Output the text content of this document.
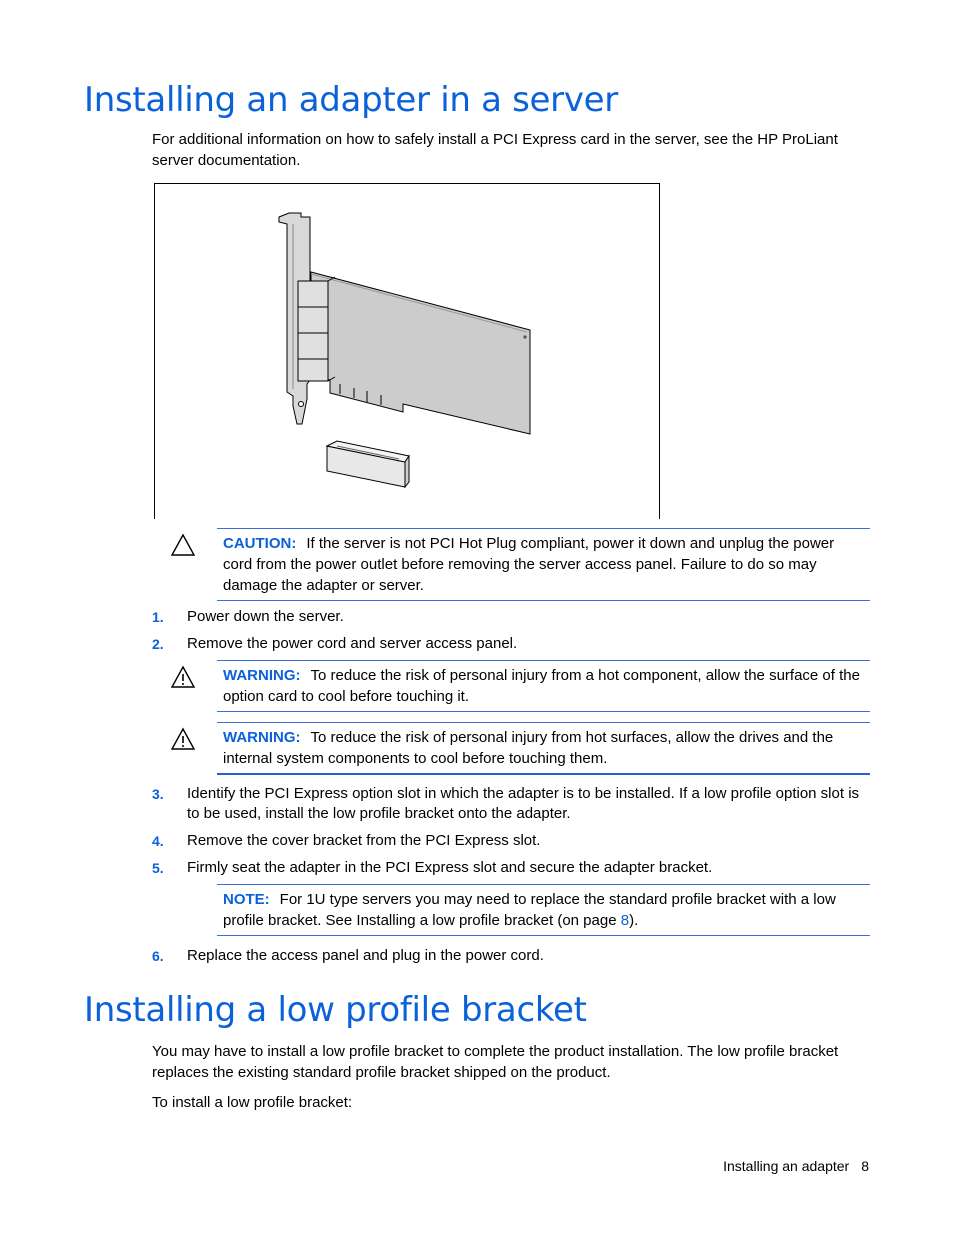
Installing an adapter in a server

For additional information on how to safely install a PCI Express card in the server, see the HP ProLiant server documentation.

CAUTION: If the server is not PCI Hot Plug compliant, power it down and unplug the power cord from the power outlet before removing the server access panel. Failure to do so may damage the adapter or server.
1. Power down the server.
2. Remove the power cord and server access panel.
WARNING: To reduce the risk of personal injury from a hot component, allow the surface of the option card to cool before touching it.
WARNING: To reduce the risk of personal injury from hot surfaces, allow the drives and the internal system components to cool before touching them.
3. Identify the PCI Express option slot in which the adapter is to be installed. If a low profile option slot is to be used, install the low profile bracket onto the adapter.
4. Remove the cover bracket from the PCI Express slot.
5. Firmly seat the adapter in the PCI Express slot and secure the adapter bracket.
NOTE: For 1U type servers you may need to replace the standard profile bracket with a low profile bracket. See Installing a low profile bracket (on page 8).
6. Replace the access panel and plug in the power cord.
Installing a low profile bracket

You may have to install a low profile bracket to complete the product installation. The low profile bracket replaces the existing standard profile bracket shipped on the product.

To install a low profile bracket:

Installing an adapter 8
